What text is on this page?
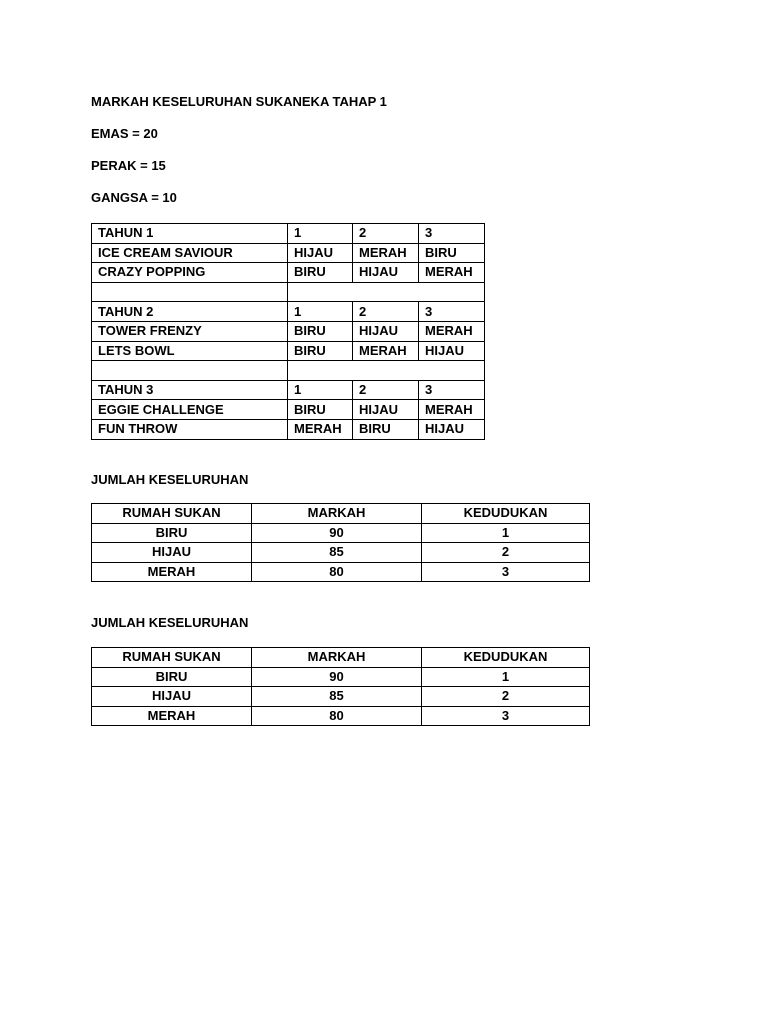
MARKAH KESELURUHAN SUKANEKA TAHAP 1

EMAS = 20

PERAK = 15

GANGSA = 10

TAHUN 1	1	2	3
ICE CREAM SAVIOUR	HIJAU	MERAH	BIRU
CRAZY POPPING	BIRU	HIJAU	MERAH

TAHUN 2	1	2	3
TOWER FRENZY	BIRU	HIJAU	MERAH
LETS BOWL	BIRU	MERAH	HIJAU

TAHUN 3	1	2	3
EGGIE CHALLENGE	BIRU	HIJAU	MERAH
FUN THROW	MERAH	BIRU	HIJAU

JUMLAH KESELURUHAN

RUMAH SUKAN	MARKAH	KEDUDUKAN
BIRU	90	1
HIJAU	85	2
MERAH	80	3

JUMLAH KESELURUHAN

RUMAH SUKAN	MARKAH	KEDUDUKAN
BIRU	90	1
HIJAU	85	2
MERAH	80	3
